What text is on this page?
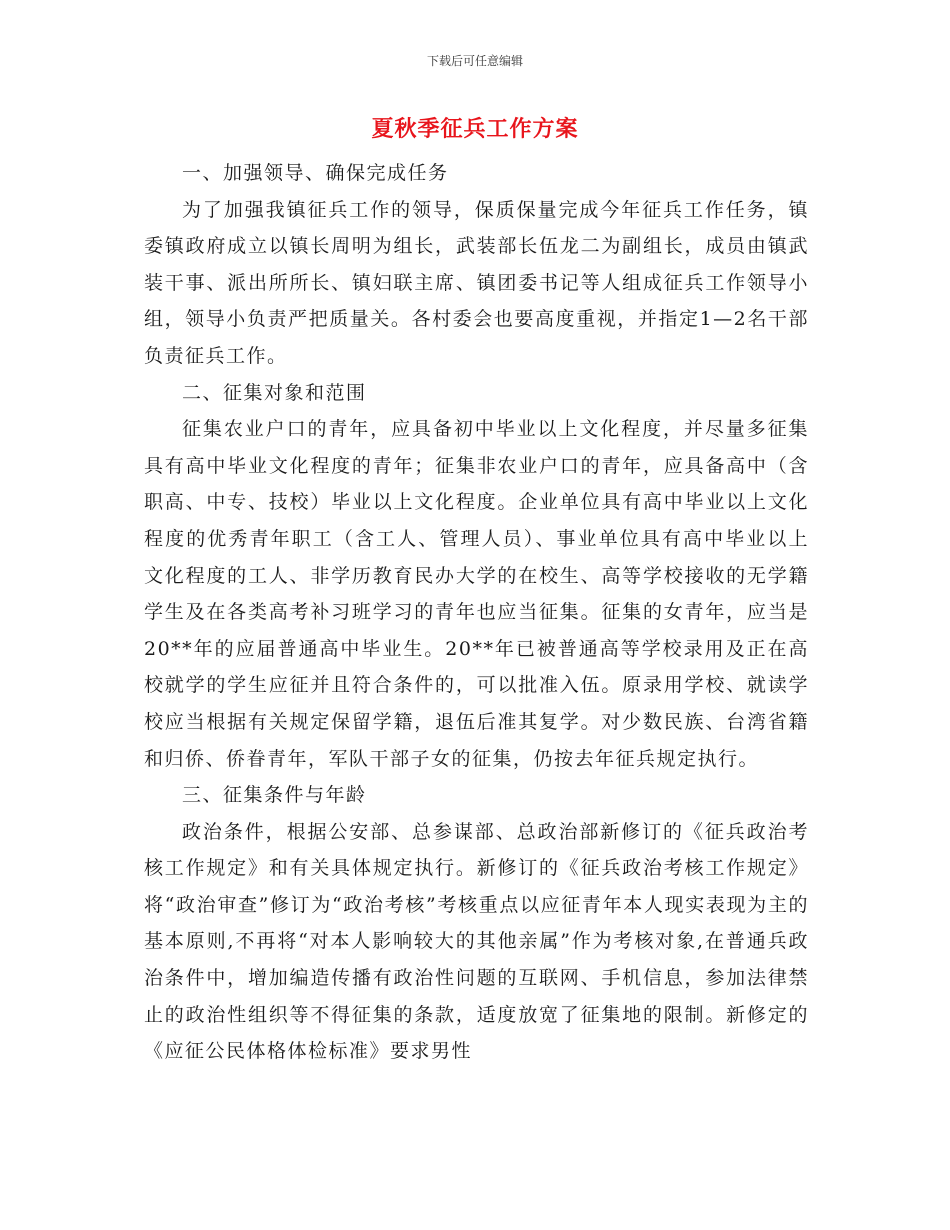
下载后可任意编辑
夏秋季征兵工作方案

一、加强领导、确保完成任务

为了加强我镇征兵工作的领导，保质保量完成今年征兵工作任务，镇委镇政府成立以镇长周明为组长，武装部长伍龙二为副组长，成员由镇武装干事、派出所所长、镇妇联主席、镇团委书记等人组成征兵工作领导小组，领导小负责严把质量关。各村委会也要高度重视，并指定1—2名干部负责征兵工作。

二、征集对象和范围

征集农业户口的青年，应具备初中毕业以上文化程度，并尽量多征集具有高中毕业文化程度的青年；征集非农业户口的青年，应具备高中（含职高、中专、技校）毕业以上文化程度。企业单位具有高中毕业以上文化程度的优秀青年职工（含工人、管理人员）、事业单位具有高中毕业以上文化程度的工人、非学历教育民办大学的在校生、高等学校接收的无学籍学生及在各类高考补习班学习的青年也应当征集。征集的女青年，应当是20**年的应届普通高中毕业生。20**年已被普通高等学校录用及正在高校就学的学生应征并且符合条件的，可以批准入伍。原录用学校、就读学校应当根据有关规定保留学籍，退伍后准其复学。对少数民族、台湾省籍和归侨、侨眷青年，军队干部子女的征集，仍按去年征兵规定执行。

三、征集条件与年龄

政治条件，根据公安部、总参谋部、总政治部新修订的《征兵政治考核工作规定》和有关具体规定执行。新修订的《征兵政治考核工作规定》将“政治审查”修订为“政治考核”考核重点以应征青年本人现实表现为主的基本原则,不再将“对本人影响较大的其他亲属”作为考核对象,在普通兵政治条件中，增加编造传播有政治性问题的互联网、手机信息，参加法律禁止的政治性组织等不得征集的条款，适度放宽了征集地的限制。新修定的《应征公民体格体检标准》要求男性
